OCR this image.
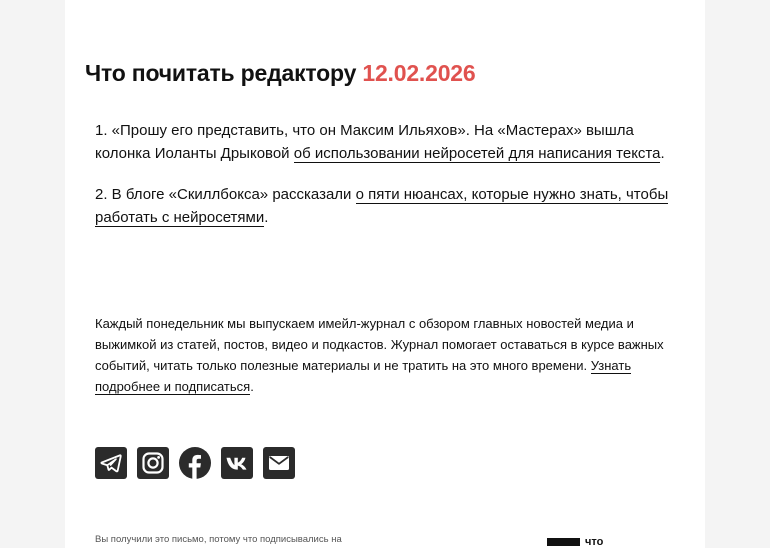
Что почитать редактору 12.02.2026

1. «Прошу его представить, что он Максим Ильяхов». На «Мастерах» вышла колонка Иоланты Дрыковой об использовании нейросетей для написания текста.

2. В блоге «Скиллбокса» рассказали о пяти нюансах, которые нужно знать, чтобы работать с нейросетями.

Каждый понедельник мы выпускаем имейл-журнал с обзором главных новостей медиа и выжимкой из статей, постов, видео и подкастов. Журнал помогает оставаться в курсе важных событий, читать только полезные материалы и не тратить на это много времени. Узнать подробнее и подписаться.

Вы получили это письмо, потому что подписывались на	что
